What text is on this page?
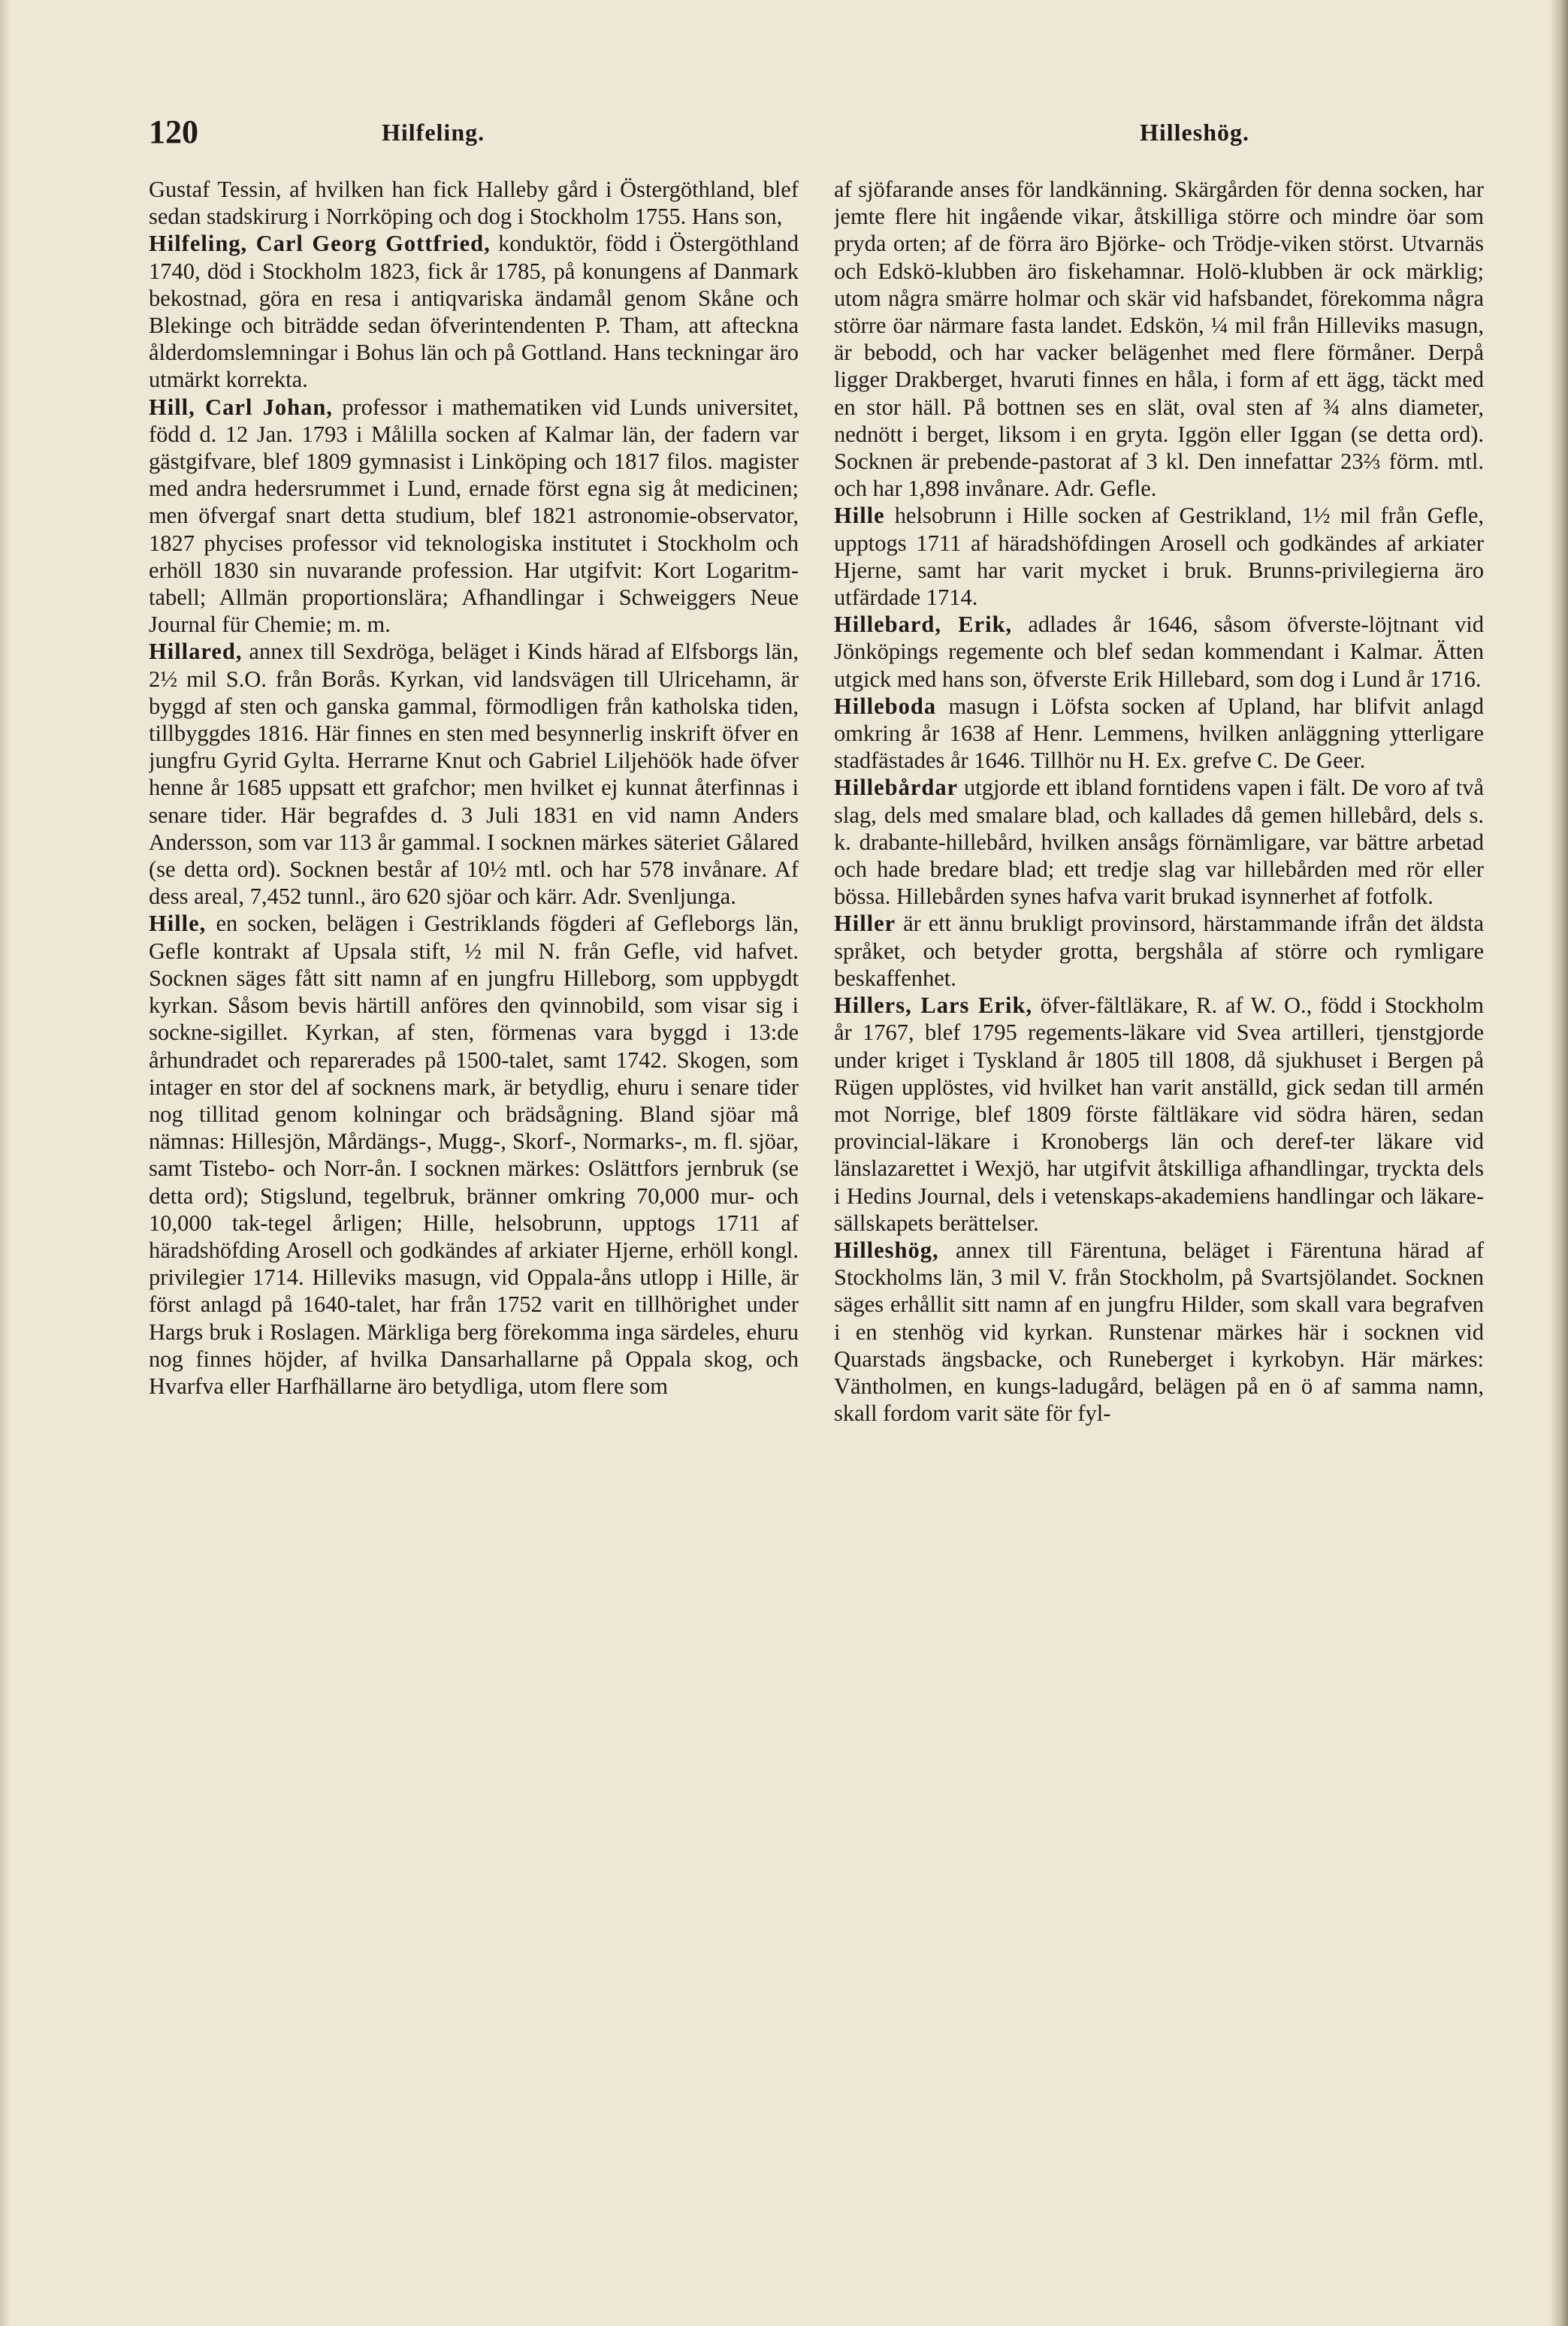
120	Hilfeling.	Hilleshög.

Gustaf Tessin, af hvilken han fick Halleby gård i Östergöthland, blef sedan stadskirurg i Norrköping och dog i Stockholm 1755. Hans son,

Hilfeling, Carl Georg Gottfried, konduktör, född i Östergöthland 1740, död i Stockholm 1823, fick år 1785, på konungens af Danmark bekostnad, göra en resa i antiqvariska ändamål genom Skåne och Blekinge och biträdde sedan öfverintendenten P. Tham, att afteckna ålderdomslemningar i Bohus län och på Gottland. Hans teckningar äro utmärkt korrekta.

Hill, Carl Johan, professor i mathematiken vid Lunds universitet, född d. 12 Jan. 1793 i Målilla socken af Kalmar län, der fadern var gästgifvare, blef 1809 gymnasist i Linköping och 1817 filos. magister med andra hedersrummet i Lund, ernade först egna sig åt medicinen; men öfvergaf snart detta studium, blef 1821 astronomie-observator, 1827 phycises professor vid teknologiska institutet i Stockholm och erhöll 1830 sin nuvarande profession. Har utgifvit: Kort Logaritm-tabell; Allmän proportionslära; Afhandlingar i Schweiggers Neue Journal für Chemie; m. m.

Hillared, annex till Sexdröga, beläget i Kinds härad af Elfsborgs län, 2½ mil S.O. från Borås. Kyrkan, vid landsvägen till Ulricehamn, är byggd af sten och ganska gammal, förmodligen från katholska tiden, tillbyggdes 1816. Här finnes en sten med besynnerlig inskrift öfver en jungfru Gyrid Gylta. Herrarne Knut och Gabriel Liljehöök hade öfver henne år 1685 uppsatt ett grafchor; men hvilket ej kunnat återfinnas i senare tider. Här begrafdes d. 3 Juli 1831 en vid namn Anders Andersson, som var 113 år gammal. I socknen märkes säteriet Gålared (se detta ord). Socknen består af 10½ mtl. och har 578 invånare. Af dess areal, 7,452 tunnl., äro 620 sjöar och kärr. Adr. Svenljunga.

Hille, en socken, belägen i Gestriklands fögderi af Gefleborgs län, Gefle kontrakt af Upsala stift, ½ mil N. från Gefle, vid hafvet. Socknen säges fått sitt namn af en jungfru Hilleborg, som uppbygdt kyrkan. Såsom bevis härtill anföres den qvinnobild, som visar sig i sockne-sigillet. Kyrkan, af sten, förmenas vara byggd i 13:de århundradet och reparerades på 1500-talet, samt 1742. Skogen, som intager en stor del af socknens mark, är betydlig, ehuru i senare tider nog tillitad genom kolningar och brädsågning. Bland sjöar må nämnas: Hillesjön, Mårdängs-, Mugg-, Skorf-, Normarks-, m. fl. sjöar, samt Tistebo- och Norr-ån. I socknen märkes: Oslättfors jernbruk (se detta ord); Stigslund, tegelbruk, bränner omkring 70,000 mur- och 10,000 tak-tegel årligen; Hille, helsobrunn, upptogs 1711 af häradshöfding Arosell och godkändes af arkiater Hjerne, erhöll kongl. privilegier 1714. Hilleviks masugn, vid Oppala-åns utlopp i Hille, är först anlagd på 1640-talet, har från 1752 varit en tillhörighet under Hargs bruk i Roslagen. Märkliga berg förekomma inga särdeles, ehuru nog finnes höjder, af hvilka Dansarhallarne på Oppala skog, och Hvarfva eller Harfhällarne äro betydliga, utom flere som

af sjöfarande anses för landkänning. Skärgården för denna socken, har jemte flere hit ingående vikar, åtskilliga större och mindre öar som pryda orten; af de förra äro Björke- och Trödje-viken störst. Utvarnäs och Edskö-klubben äro fiskehamnar. Holö-klubben är ock märklig; utom några smärre holmar och skär vid hafsbandet, förekomma några större öar närmare fasta landet. Edskön, ¼ mil från Hilleviks masugn, är bebodd, och har vacker belägenhet med flere förmåner. Derpå ligger Drakberget, hvaruti finnes en håla, i form af ett ägg, täckt med en stor häll. På bottnen ses en slät, oval sten af ¾ alns diameter, nednött i berget, liksom i en gryta. Iggön eller Iggan (se detta ord). Socknen är prebende-pastorat af 3 kl. Den innefattar 23⅔ förm. mtl. och har 1,898 invånare. Adr. Gefle.

Hille helsobrunn i Hille socken af Gestrikland, 1½ mil från Gefle, upptogs 1711 af häradshöfdingen Arosell och godkändes af arkiater Hjerne, samt har varit mycket i bruk. Brunns-privilegierna äro utfärdade 1714.

Hillebard, Erik, adlades år 1646, såsom öfverste-löjtnant vid Jönköpings regemente och blef sedan kommendant i Kalmar. Ätten utgick med hans son, öfverste Erik Hillebard, som dog i Lund år 1716.

Hilleboda masugn i Löfsta socken af Upland, har blifvit anlagd omkring år 1638 af Henr. Lemmens, hvilken anläggning ytterligare stadfästades år 1646. Tillhör nu H. Ex. grefve C. De Geer.

Hillebårdar utgjorde ett ibland forntidens vapen i fält. De voro af två slag, dels med smalare blad, och kallades då gemen hillebård, dels s. k. drabante-hillebård, hvilken ansågs förnämligare, var bättre arbetad och hade bredare blad; ett tredje slag var hillebården med rör eller bössa. Hillebården synes hafva varit brukad isynnerhet af fotfolk.

Hiller är ett ännu brukligt provinsord, härstammande ifrån det äldsta språket, och betyder grotta, bergshåla af större och rymligare beskaffenhet.

Hillers, Lars Erik, öfver-fältläkare, R. af W. O., född i Stockholm år 1767, blef 1795 regements-läkare vid Svea artilleri, tjenstgjorde under kriget i Tyskland år 1805 till 1808, då sjukhuset i Bergen på Rügen upplöstes, vid hvilket han varit anställd, gick sedan till armén mot Norrige, blef 1809 förste fältläkare vid södra hären, sedan provincial-läkare i Kronobergs län och deref-ter läkare vid länslazarettet i Wexjö, har utgifvit åtskilliga afhandlingar, tryckta dels i Hedins Journal, dels i vetenskaps-akademiens handlingar och läkare-sällskapets berättelser.

Hilleshög, annex till Färentuna, beläget i Färentuna härad af Stockholms län, 3 mil V. från Stockholm, på Svartsjölandet. Socknen säges erhållit sitt namn af en jungfru Hilder, som skall vara begrafven i en stenhög vid kyrkan. Runstenar märkes här i socknen vid Quarstads ängsbacke, och Runeberget i kyrkobyn. Här märkes: Väntholmen, en kungs-ladugård, belägen på en ö af samma namn, skall fordom varit säte för fyl-
